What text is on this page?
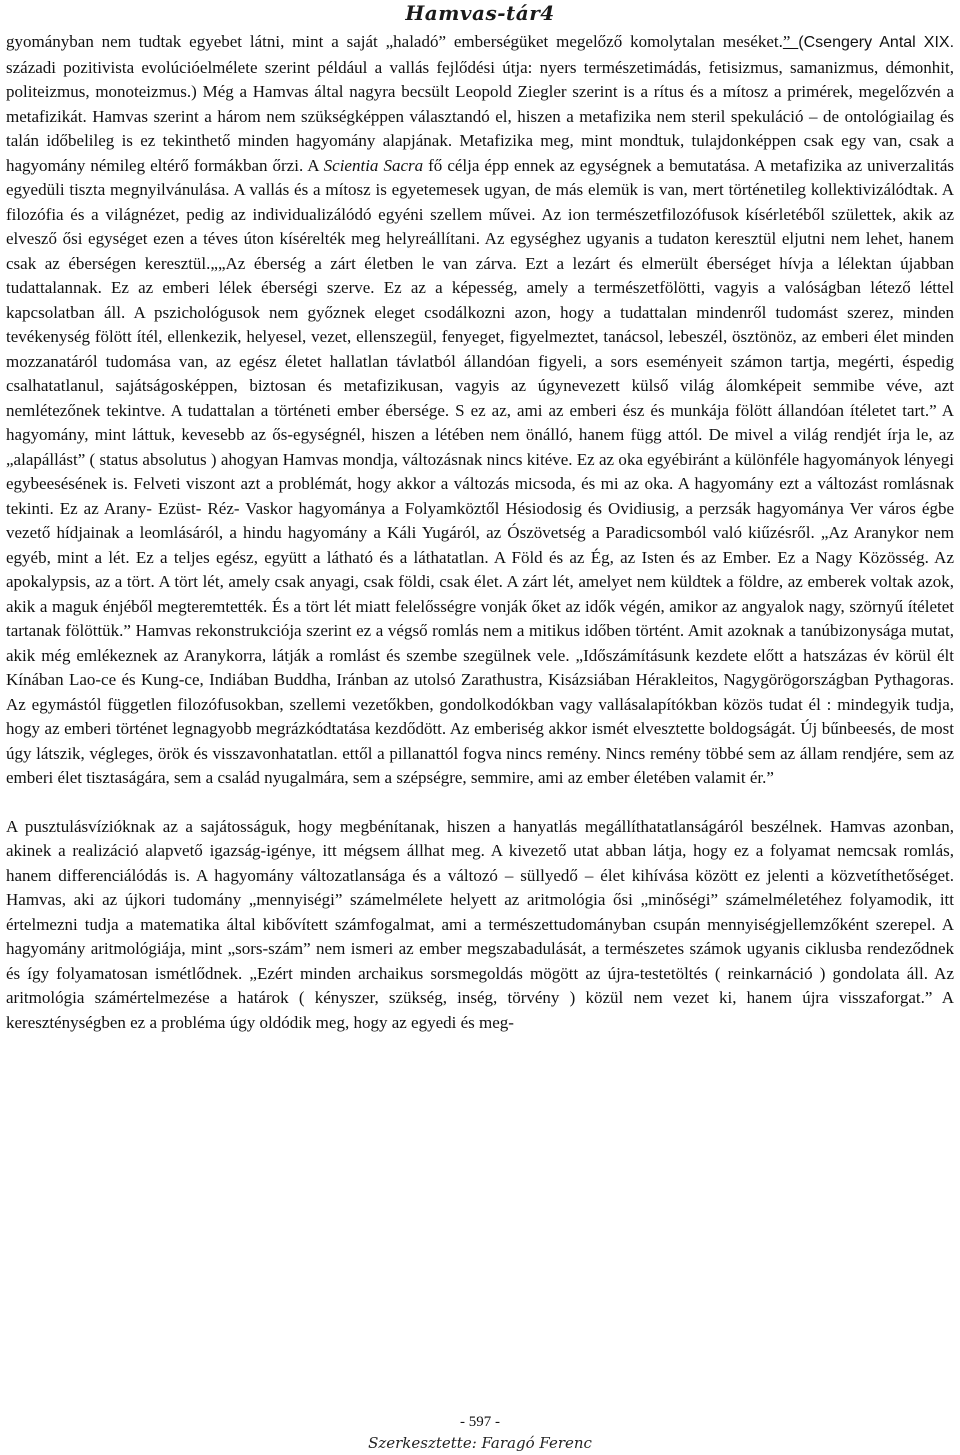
Hamvas-tár4

gyományban nem tudtak egyebet látni, mint a saját „haladó” emberségüket megelőző komolytalan meséket.” (Csengery Antal XIX. századi pozitivista evolúcióelmélete szerint például a vallás fejlődési útja: nyers természetimádás, fetisizmus, samanizmus, démonhit, politeizmus, monoteizmus.) Még a Hamvas által nagyra becsült Leopold Ziegler szerint is a rítus és a mítosz a primérek, megelőzvén a metafizikát. Hamvas szerint a három nem szükségképpen választandó el, hiszen a metafizika nem steril spekuláció – de ontológiailag és talán időbelileg is ez tekinthető minden hagyomány alapjának. Metafizika meg, mint mondtuk, tulajdonképpen csak egy van, csak a hagyomány némileg eltérő formákban őrzi. A Scientia Sacra fő célja épp ennek az egységnek a bemutatása. A metafizika az univerzalitás egyedüli tiszta megnyilvánulása. A vallás és a mítosz is egyetemesek ugyan, de más elemük is van, mert történetileg kollektivizálódtak. A filozófia és a világnézet, pedig az individualizálódó egyéni szellem művei. Az ion természetfilozófusok kísérletéből születtek, akik az elvesző ősi egységet ezen a téves úton kísérelték meg helyreállítani. Az egységhez ugyanis a tudaton keresztül eljutni nem lehet, hanem csak az éberségen keresztül.„„Az éberség a zárt életben le van zárva. Ezt a lezárt és elmerült éberséget hívja a lélektan újabban tudattalannak. Ez az emberi lélek éberségi szerve. Ez az a képesség, amely a természetfölötti, vagyis a valóságban létező léttel kapcsolatban áll. A pszichológusok nem győznek eleget csodálkozni azon, hogy a tudattalan mindenről tudomást szerez, minden tevékenység fölött ítél, ellenkezik, helyesel, vezet, ellenszegül, fenyeget, figyelmeztet, tanácsol, lebeszél, ösztönöz, az emberi élet minden mozzanatáról tudomása van, az egész életet hallatlan távlatból állandóan figyeli, a sors eseményeit számon tartja, megérti, éspedig csalhatatlanul, sajátságosképpen, biztosan és metafizikusan, vagyis az úgynevezett külső világ álomképeit semmibe véve, azt nemlétezőnek tekintve. A tudattalan a történeti ember ébersége. S ez az, ami az emberi ész és munkája fölött állandóan ítéletet tart.” A hagyomány, mint láttuk, kevesebb az ős-egységnél, hiszen a létében nem önálló, hanem függ attól. De mivel a világ rendjét írja le, az „alapállást” ( status absolutus ) ahogyan Hamvas mondja, változásnak nincs kitéve. Ez az oka egyébiránt a különféle hagyományok lényegi egybeesésének is. Felveti viszont azt a problémát, hogy akkor a változás micsoda, és mi az oka. A hagyomány ezt a változást romlásnak tekinti. Ez az Arany- Ezüst- Réz- Vaskor hagyománya a Folyamköztől Hésiodosig és Ovidiusig, a perzsák hagyománya Ver város égbe vezető hídjainak a leomlásáról, a hindu hagyomány a Káli Yugáról, az Ószövetség a Paradicsomból való kiűzésről. „Az Aranykor nem egyéb, mint a lét. Ez a teljes egész, együtt a látható és a láthatatlan. A Föld és az Ég, az Isten és az Ember. Ez a Nagy Közösség. Az apokalypsis, az a tört. A tört lét, amely csak anyagi, csak földi, csak élet. A zárt lét, amelyet nem küldtek a földre, az emberek voltak azok, akik a maguk énjéből megteremtették. És a tört lét miatt felelősségre vonják őket az idők végén, amikor az angyalok nagy, szörnyű ítéletet tartanak fölöttük.” Hamvas rekonstrukciója szerint ez a végső romlás nem a mitikus időben történt. Amit azoknak a tanúbizonysága mutat, akik még emlékeznek az Aranykorra, látják a romlást és szembe szegülnek vele. „Időszámításunk kezdete előtt a hatszázas év körül élt Kínában Lao-ce és Kung-ce, Indiában Buddha, Iránban az utolsó Zarathustra, Kisázsiában Hérakleitos, Nagygörögországban Pythagoras. Az egymástól független filozófusokban, szellemi vezetőkben, gondolkodókban vagy vallásalapítókban közös tudat él : mindegyik tudja, hogy az emberi történet legnagyobb megrázkódtatása kezdődött. Az emberiség akkor ismét elvesztette boldogságát. Új bűnbeesés, de most úgy látszik, végleges, örök és visszavonhatatlan. ettől a pillanattól fogva nincs remény. Nincs remény többé sem az állam rendjére, sem az emberi élet tisztaságára, sem a család nyugalmára, sem a szépségre, semmire, ami az ember életében valamit ér.”

A pusztulásvízióknak az a sajátosságuk, hogy megbénítanak, hiszen a hanyatlás megállíthatatlanságáról beszélnek. Hamvas azonban, akinek a realizáció alapvető igazság-igénye, itt mégsem állhat meg. A kivezető utat abban látja, hogy ez a folyamat nemcsak romlás, hanem differenciálódás is. A hagyomány változatlansága és a változó – süllyedő – élet kihívása között ez jelenti a közvetíthetőséget. Hamvas, aki az újkori tudomány „mennyiségi” számelmélete helyett az aritmológia ősi „minőségi” számelméletéhez folyamodik, itt értelmezni tudja a matematika által kibővített számfogalmat, ami a természettudományban csupán mennyiségjellemzőként szerepel. A hagyomány aritmológiája, mint „sors-szám” nem ismeri az ember megszabadulását, a természetes számok ugyanis ciklusba rendeződnek és így folyamatosan ismétlődnek. „Ezért minden archaikus sorsmegoldás mögött az újra-testetöltés ( reinkarnáció ) gondolata áll. Az aritmológia számértelmezése a határok ( kényszer, szükség, inség, törvény ) közül nem vezet ki, hanem újra visszaforgat.” A kereszténységben ez a probléma úgy oldódik meg, hogy az egyedi és meg-

- 597 -
Szerkesztette: Faragó Ferenc
